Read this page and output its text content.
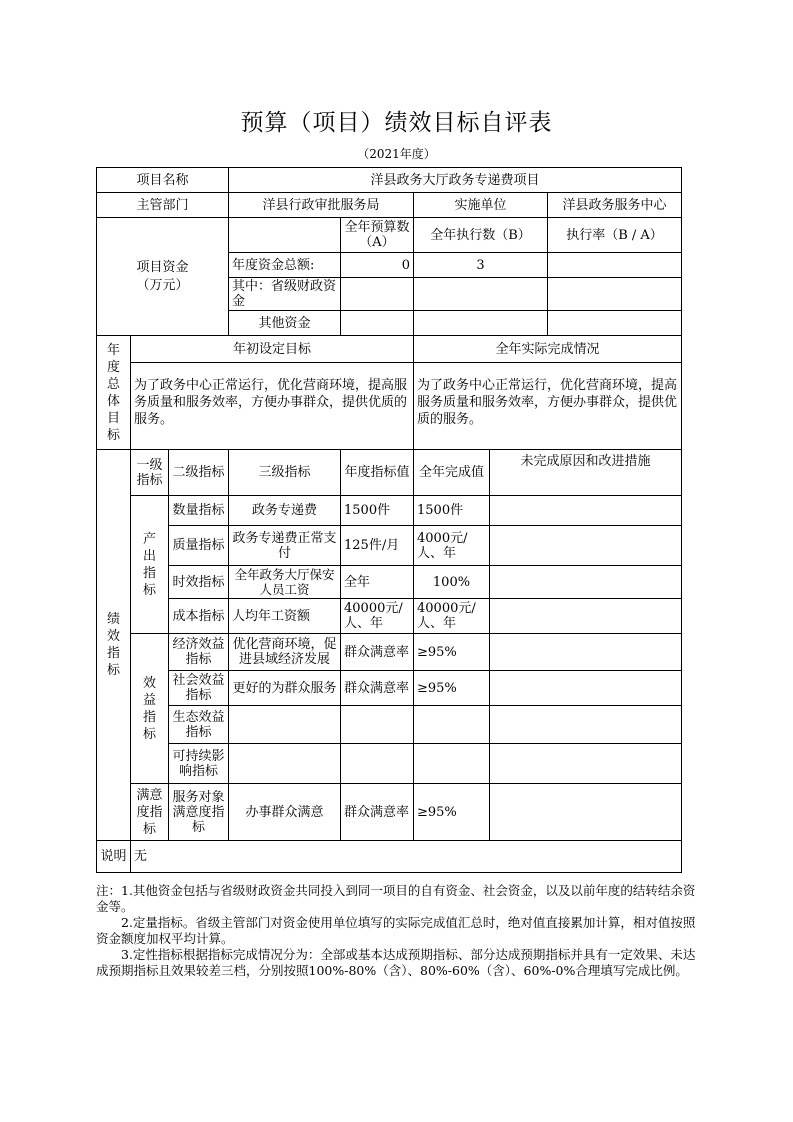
预算（项目）绩效目标自评表
（2021年度）
项目名称			洋县政务大厅政务专递费项目				
主管部门			洋县行政审批服务局		实施单位		洋县政务服务中心

项目资金（万元）				全年预算数（A）	全年执行数（B）		执行率（B / A）
			年度资金总额:	0	3		
			其中：省级财政资金				
			其他资金				
年度总体目标	年初设定目标				全年实际完成情况		
	为了政务中心正常运行，优化营商环境，提高服务质量和服务效率，方便办事群众，提供优质的服务。				为了政务中心正常运行，优化营商环境，提高服务质量和服务效率，方便办事群众，提供优质的服务。		
绩效指标	一级指标	二级指标	三级指标	年度指标值	全年完成值	未完成原因和改进措施	
	产出指标	数量指标	政务专递费	1500件	1500件		
		质量指标	政务专递费正常支付	125件/月	4000元/人、年		
		时效指标	全年政务大厅保安人员工资	全年	100%		
		成本指标	人均年工资额	40000元/人、年	40000元/人、年		
	效益指标	经济效益指标	优化营商环境，促进县域经济发展	群众满意率	≥95%		
		社会效益指标	更好的为群众服务	群众满意率	≥95%		
		生态效益指标					
		可持续影响指标					
	满意度指标	服务对象满意度指标	办事群众满意	群众满意率	≥95%		
说明	无						

注：1.其他资金包括与省级财政资金共同投入到同一项目的自有资金、社会资金，以及以前年度的结转结余资金等。

2.定量指标。省级主管部门对资金使用单位填写的实际完成值汇总时，绝对值直接累加计算，相对值按照资金额度加权平均计算。

3.定性指标根据指标完成情况分为：全部或基本达成预期指标、部分达成预期指标并具有一定效果、未达成预期指标且效果较差三档，分别按照100%-80%（含）、80%-60%（含）、60%-0%合理填写完成比例。
